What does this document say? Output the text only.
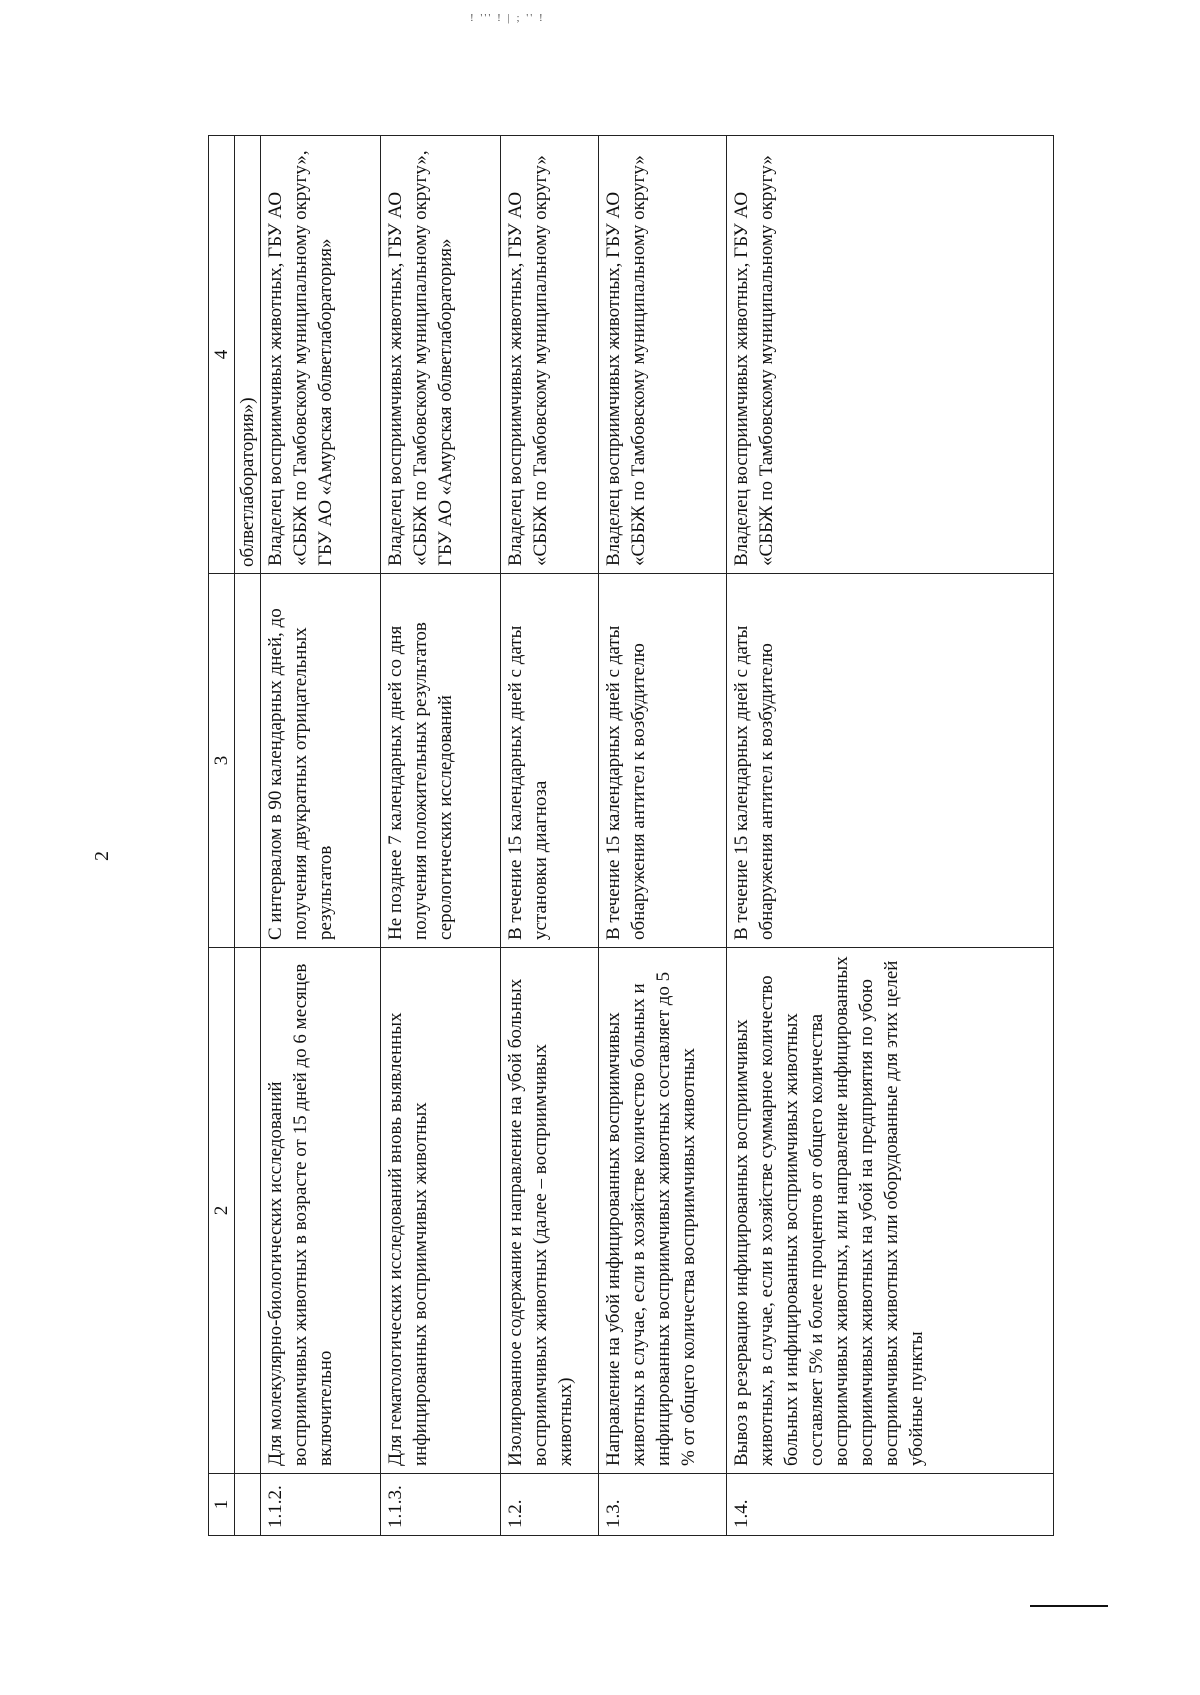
! ''' ! | ; '' !
2
1	2	3	4
			облветлаборатория»)
1.1.2.	Для молекулярно-биологических исследований восприимчивых животных в возрасте от 15 дней до 6 месяцев включительно	С интервалом в 90 календарных дней, до получения двукратных отрицательных результатов	Владелец восприимчивых животных, ГБУ АО «СББЖ по Тамбовскому муниципальному округу», ГБУ АО «Амурская облветлаборатория»
1.1.3.	Для гематологических исследований вновь выявленных инфицированных восприимчивых животных	Не позднее 7 календарных дней со дня получения положительных результатов серологических исследований	Владелец восприимчивых животных, ГБУ АО «СББЖ по Тамбовскому муниципальному округу», ГБУ АО «Амурская облветлаборатория»
1.2.	Изолированное содержание и направление на убой больных восприимчивых животных (далее – восприимчивых животных)	В течение 15 календарных дней с даты установки диагноза	Владелец восприимчивых животных, ГБУ АО «СББЖ по Тамбовскому муниципальному округу»
1.3.	Направление на убой инфицированных восприимчивых животных в случае, если в хозяйстве количество больных и инфицированных восприимчивых животных составляет до 5 % от общего количества восприимчивых животных	В течение 15 календарных дней с даты обнаружения антител к возбудителю	Владелец восприимчивых животных, ГБУ АО «СББЖ по Тамбовскому муниципальному округу»
1.4.	Вывоз в резервацию инфицированных восприимчивых животных, в случае, если в хозяйстве суммарное количество больных и инфицированных восприимчивых животных составляет 5% и более процентов от общего количества восприимчивых животных, или направление инфицированных восприимчивых животных на убой на предприятия по убою восприимчивых животных или оборудованные для этих целей убойные пункты	В течение 15 календарных дней с даты обнаружения антител к возбудителю	Владелец восприимчивых животных, ГБУ АО «СББЖ по Тамбовскому муниципальному округу»
